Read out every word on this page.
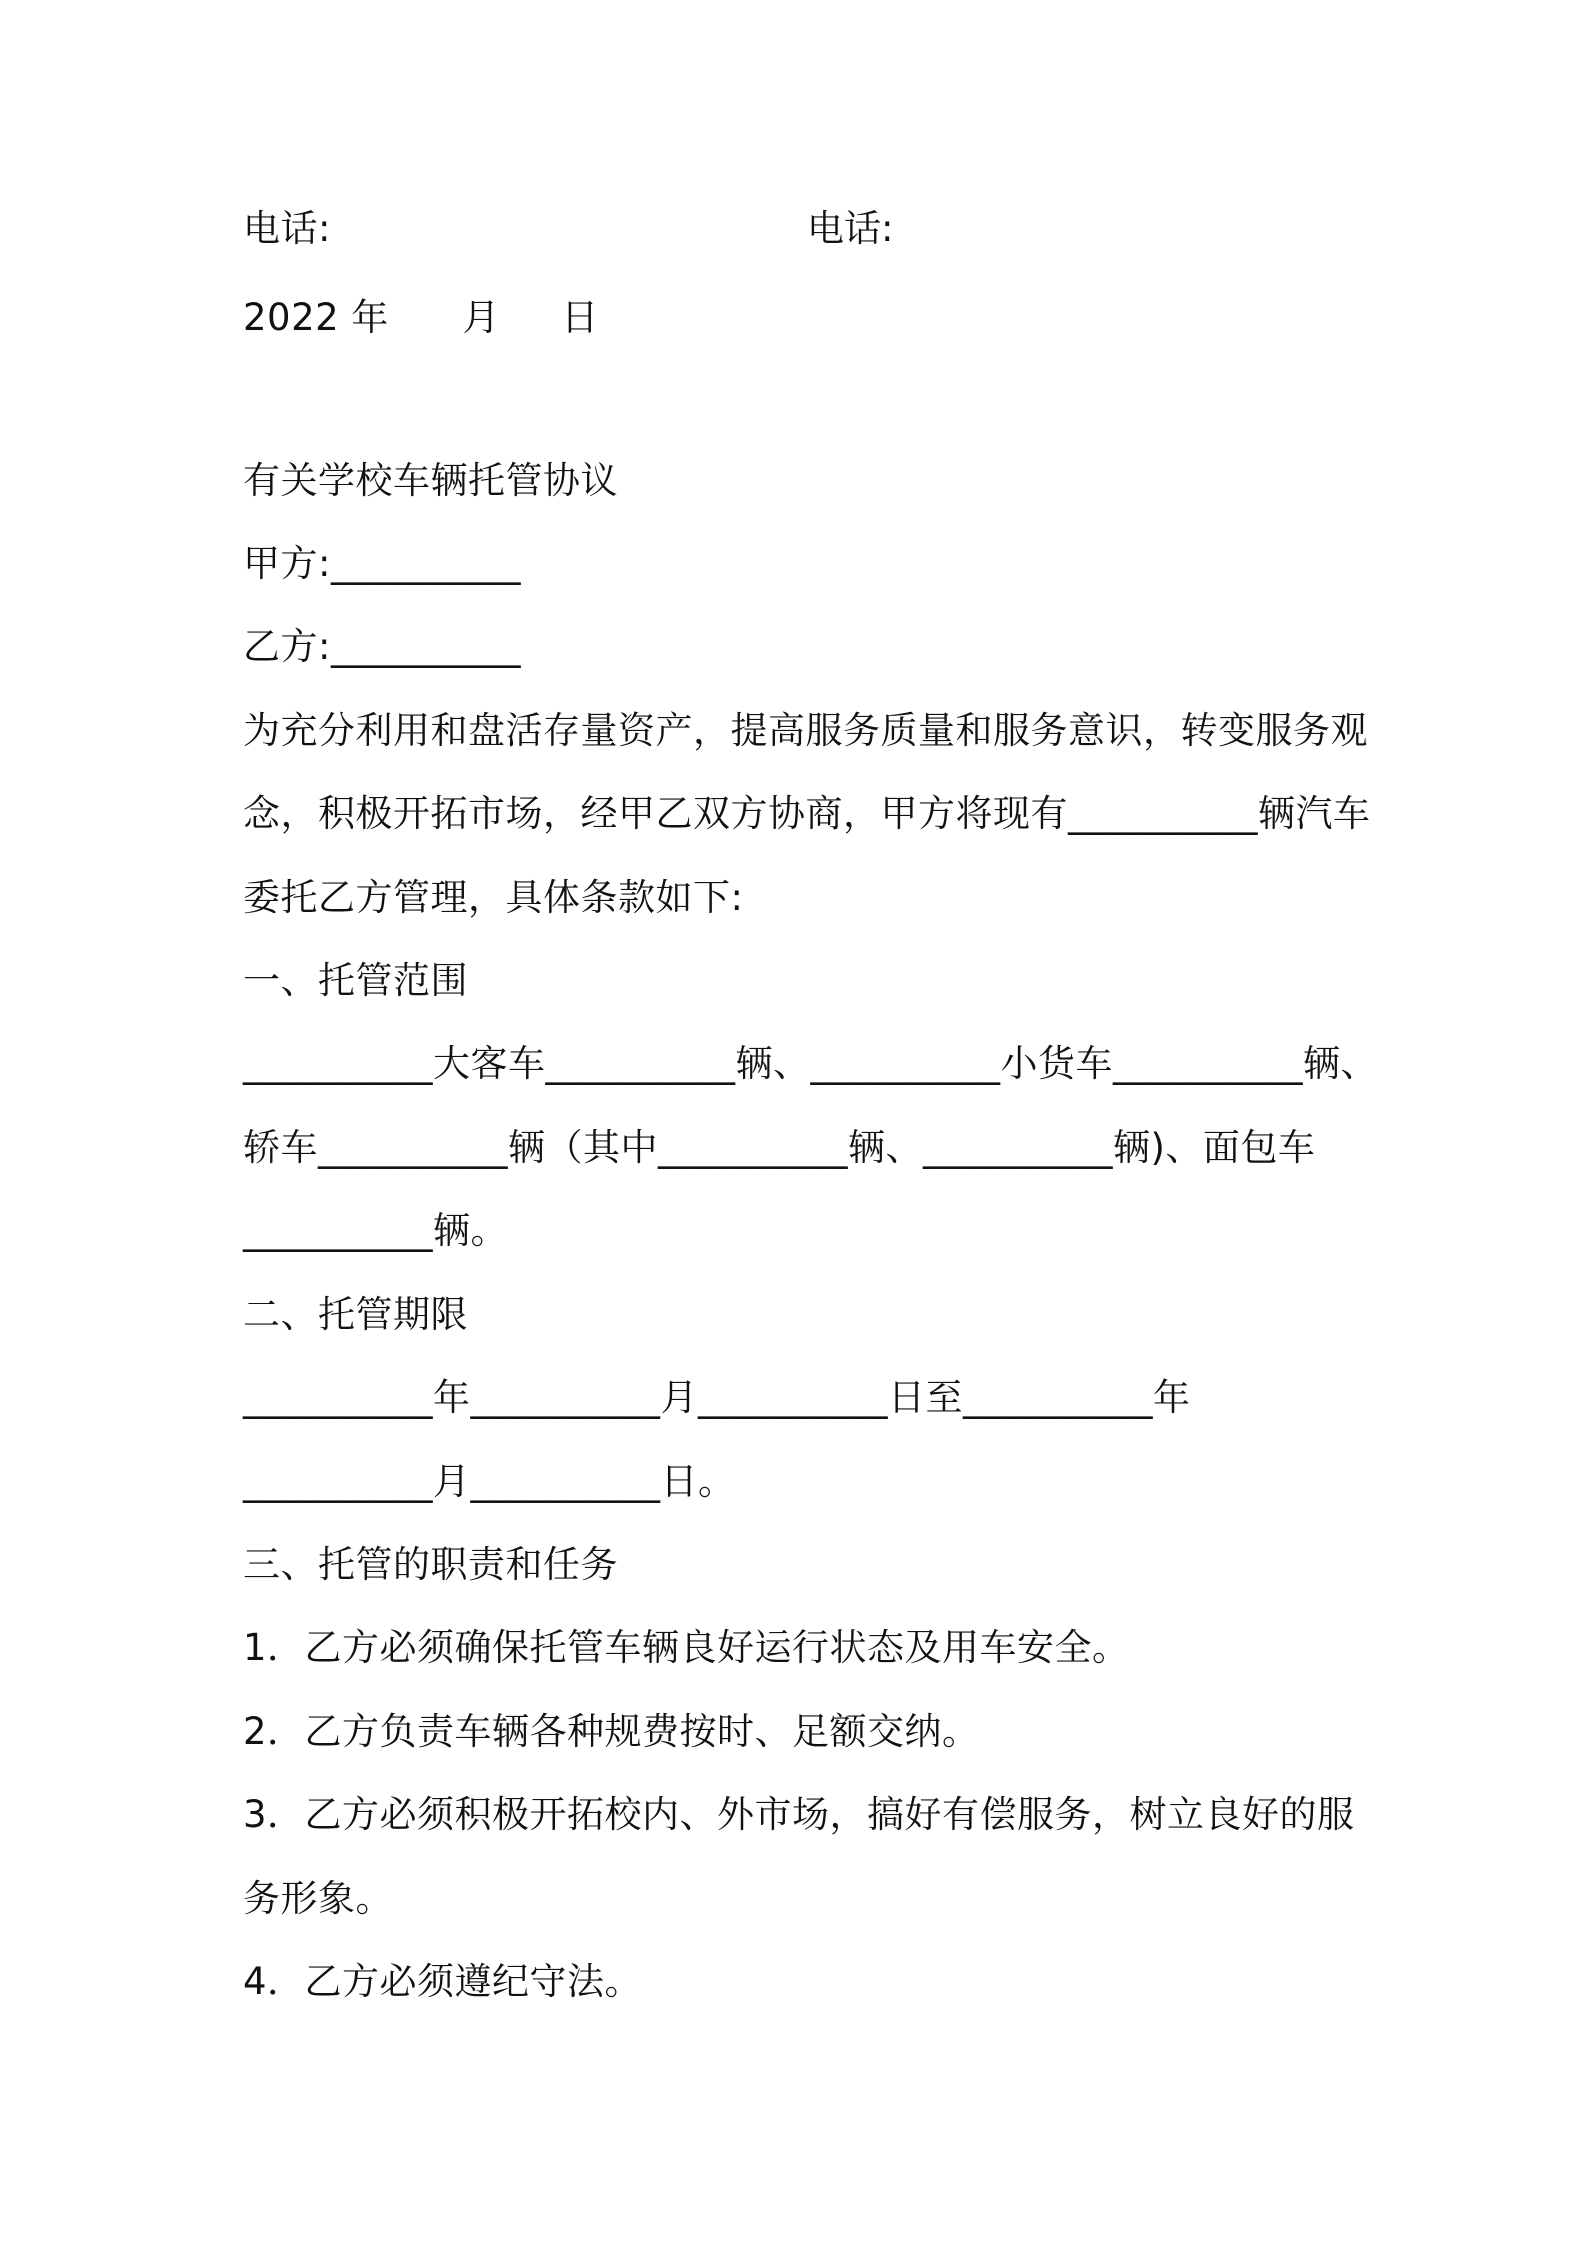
电话:	电话:
2022 年      月     日
有关学校车辆托管协议
甲方:__________
乙方:__________
为充分利用和盘活存量资产，提高服务质量和服务意识，转变服务观
念，积极开拓市场，经甲乙双方协商，甲方将现有__________辆汽车
委托乙方管理，具体条款如下:
一、托管范围
__________大客车__________辆、__________小货车__________辆、
轿车__________辆（其中__________辆、__________辆)、面包车
__________辆。
二、托管期限
__________年__________月__________日至__________年
__________月__________日。
三、托管的职责和任务
1．乙方必须确保托管车辆良好运行状态及用车安全。
2．乙方负责车辆各种规费按时、足额交纳。
3．乙方必须积极开拓校内、外市场，搞好有偿服务，树立良好的服
务形象。
4．乙方必须遵纪守法。
